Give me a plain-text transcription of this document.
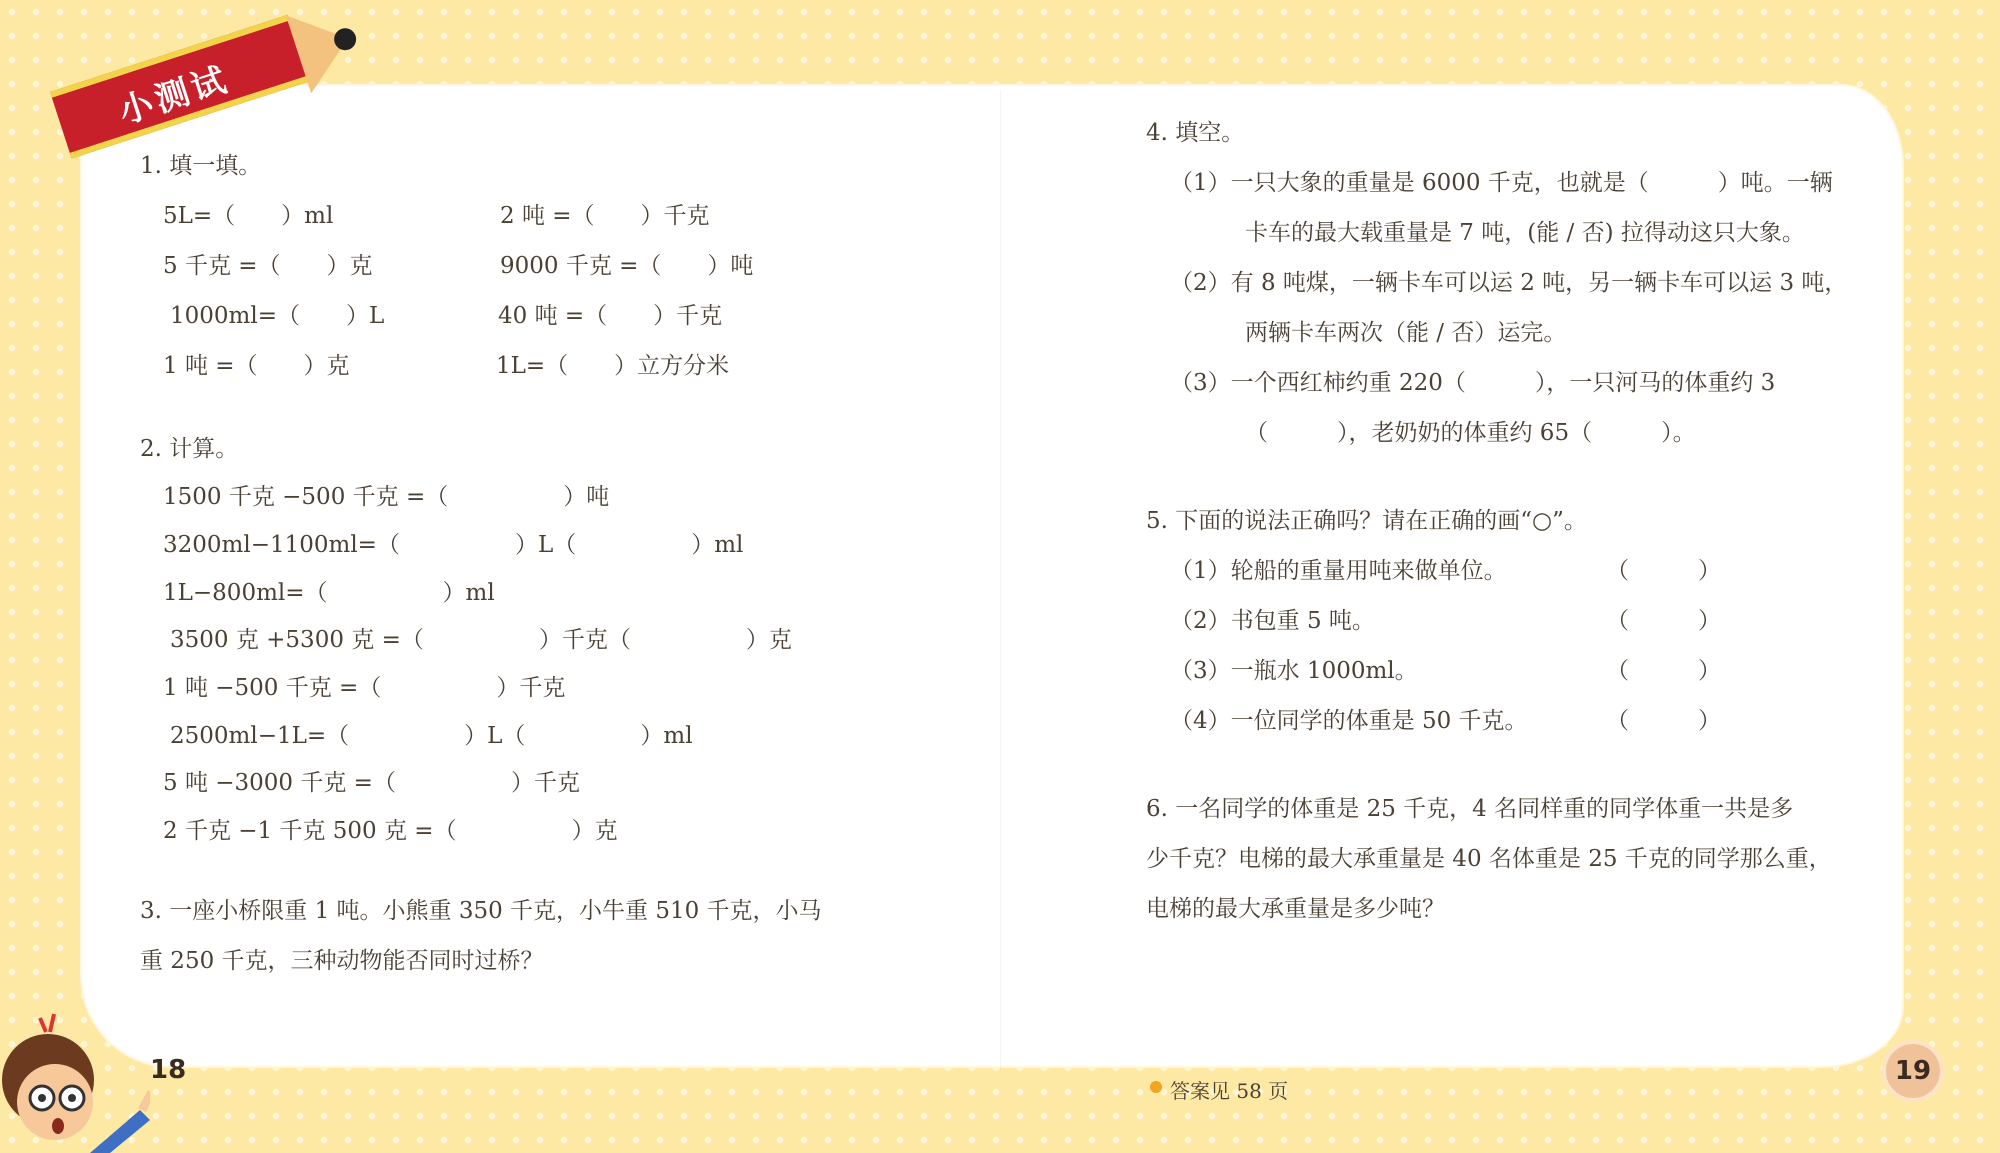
小测试
1. 填一填。
5L=（　　）ml	2 吨 =（　　）千克
5 千克 =（　　）克	9000 千克 =（　　）吨
1000ml=（　　）L	40 吨 =（　　）千克
1 吨 =（　　）克	1L=（　　）立方分米
2. 计算。
1500 千克 −500 千克 =（　　　　　）吨
3200ml−1100ml=（　　　　　）L（　　　　　）ml
1L−800ml=（　　　　　）ml
3500 克 +5300 克 =（　　　　　）千克（　　　　　）克
1 吨 −500 千克 =（　　　　　）千克
2500ml−1L=（　　　　　）L（　　　　　）ml
5 吨 −3000 千克 =（　　　　　）千克
2 千克 −1 千克 500 克 =（　　　　　）克
3. 一座小桥限重 1 吨。小熊重 350 千克，小牛重 510 千克，小马
重 250 千克，三种动物能否同时过桥？
18
4. 填空。
（1）一只大象的重量是 6000 千克，也就是（　　　）吨。一辆
卡车的最大载重量是 7 吨，(能 / 否) 拉得动这只大象。
（2）有 8 吨煤，一辆卡车可以运 2 吨，另一辆卡车可以运 3 吨，
两辆卡车两次（能 / 否）运完。
（3）一个西红柿约重 220（　　　），一只河马的体重约 3
（　　　），老奶奶的体重约 65（　　　）。
5. 下面的说法正确吗？请在正确的画“○”。
（1）轮船的重量用吨来做单位。	（　　　）
（2）书包重 5 吨。	（　　　）
（3）一瓶水 1000ml。	（　　　）
（4）一位同学的体重是 50 千克。	（　　　）
6. 一名同学的体重是 25 千克，4 名同样重的同学体重一共是多
少千克？电梯的最大承重量是 40 名体重是 25 千克的同学那么重，
电梯的最大承重量是多少吨？
答案见 58 页
19
